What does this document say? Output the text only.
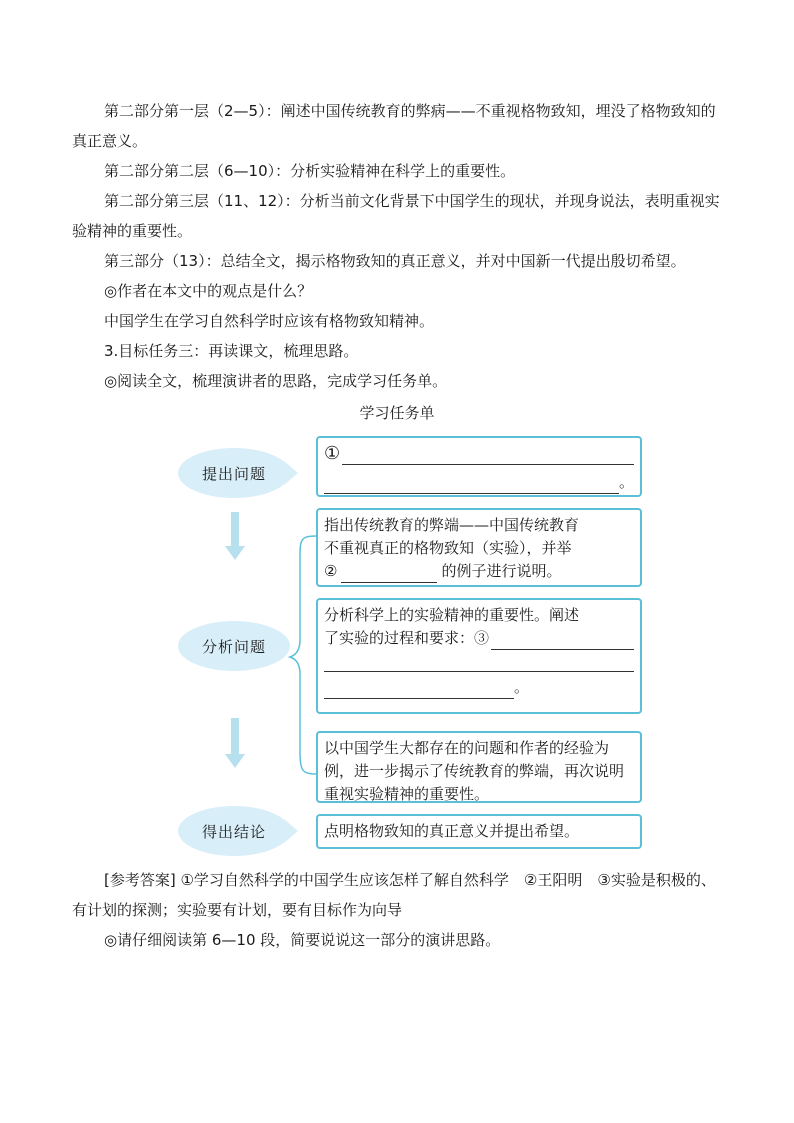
第二部分第一层（2—5）：阐述中国传统教育的弊病——不重视格物致知，埋没了格物致知的真正意义。

第二部分第二层（6—10）：分析实验精神在科学上的重要性。

第二部分第三层（11、12）：分析当前文化背景下中国学生的现状，并现身说法，表明重视实验精神的重要性。

第三部分（13）：总结全文，揭示格物致知的真正意义，并对中国新一代提出殷切希望。

◎作者在本文中的观点是什么？

中国学生在学习自然科学时应该有格物致知精神。

3.目标任务三：再读课文，梳理思路。

◎阅读全文，梳理演讲者的思路，完成学习任务单。

学习任务单
提出问题
分析问题
得出结论
①
。
指出传统教育的弊端——中国传统教育
不重视真正的格物致知（实验），并举
②	的例子进行说明。
分析科学上的实验精神的重要性。阐述
了实验的过程和要求：③
。
以中国学生大都存在的问题和作者的经验为例，进一步揭示了传统教育的弊端，再次说明重视实验精神的重要性。
点明格物致知的真正意义并提出希望。

[参考答案] ①学习自然科学的中国学生应该怎样了解自然科学　②王阳明　③实验是积极的、有计划的探测；实验要有计划，要有目标作为向导

◎请仔细阅读第 6—10 段，简要说说这一部分的演讲思路。
